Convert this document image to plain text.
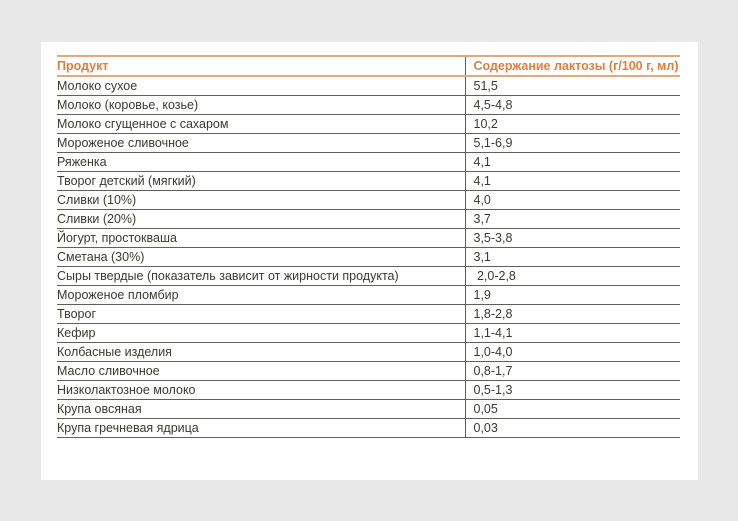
Продукт	Содержание лактозы (г/100 г, мл)
Молоко сухое	51,5
Молоко (коровье, козье)	4,5-4,8
Молоко сгущенное с сахаром	10,2
Мороженое сливочное	5,1-6,9
Ряженка	4,1
Творог детский (мягкий)	4,1
Сливки (10%)	4,0
Сливки (20%)	3,7
Йогурт, простокваша	3,5-3,8
Сметана (30%)	3,1
Сыры твердые (показатель зависит от жирности продукта)	2,0-2,8
Мороженое пломбир	1,9
Творог	1,8-2,8
Кефир	1,1-4,1
Колбасные изделия	1,0-4,0
Масло сливочное	0,8-1,7
Низколактозное молоко	0,5-1,3
Крупа овсяная	0,05
Крупа гречневая ядрица	0,03
